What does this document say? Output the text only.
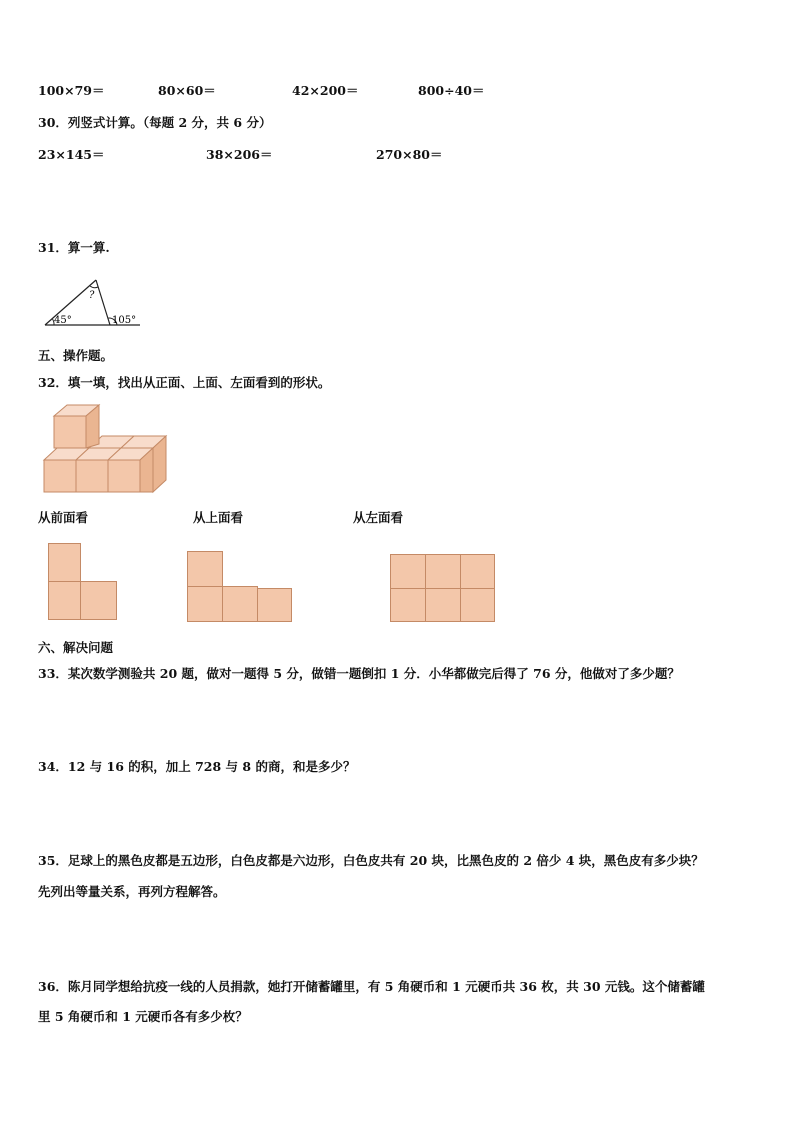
100×79＝	80×60＝	42×200＝	800÷40＝
30．列竖式计算。（每题 2 分，共 6 分）
23×145＝	38×206＝	270×80＝
31．算一算.
?
45°	105°
五、操作题。
32．填一填，找出从正面、上面、左面看到的形状。
从前面看	从上面看	从左面看
六、解决问题
33．某次数学测验共 20 题，做对一题得 5 分，做错一题倒扣 1 分．小华都做完后得了 76 分，他做对了多少题？
34．12 与 16 的积，加上 728 与 8 的商，和是多少？
35．足球上的黑色皮都是五边形，白色皮都是六边形，白色皮共有 20 块，比黑色皮的 2 倍少 4 块，黑色皮有多少块？
先列出等量关系，再列方程解答。
36．陈月同学想给抗疫一线的人员捐款，她打开储蓄罐里，有 5 角硬币和 1 元硬币共 36 枚，共 30 元钱。这个储蓄罐
里 5 角硬币和 1 元硬币各有多少枚？
